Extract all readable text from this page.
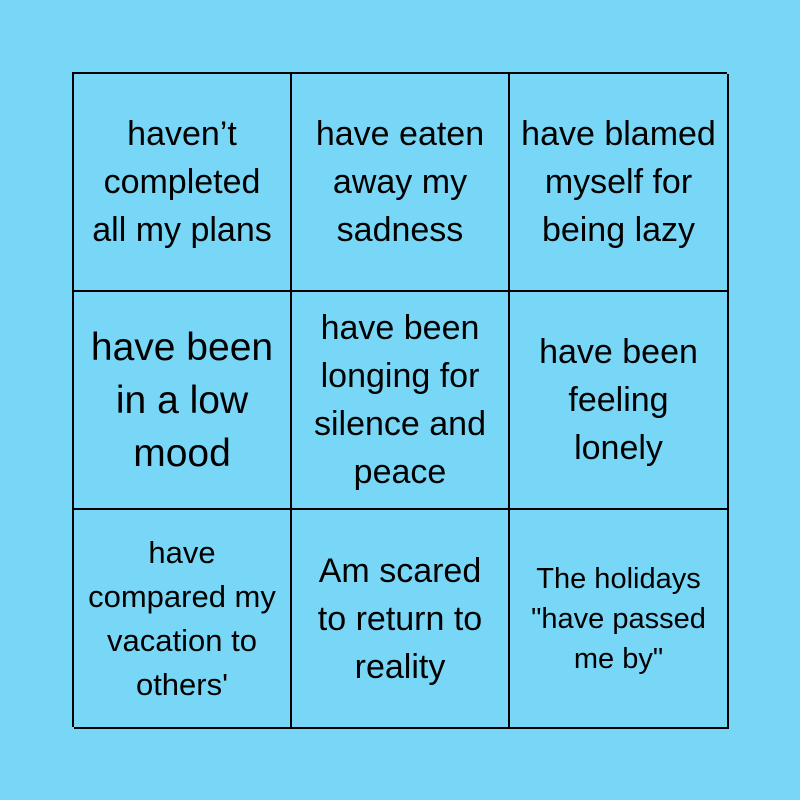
haven’t completed all my plans
have eaten away my sadness
have blamed myself for being lazy
have been in a low mood
have been longing for silence and peace
have been feeling lonely
have compared my vacation to others'
Am scared to return to reality
The holidays "have passed me by"
